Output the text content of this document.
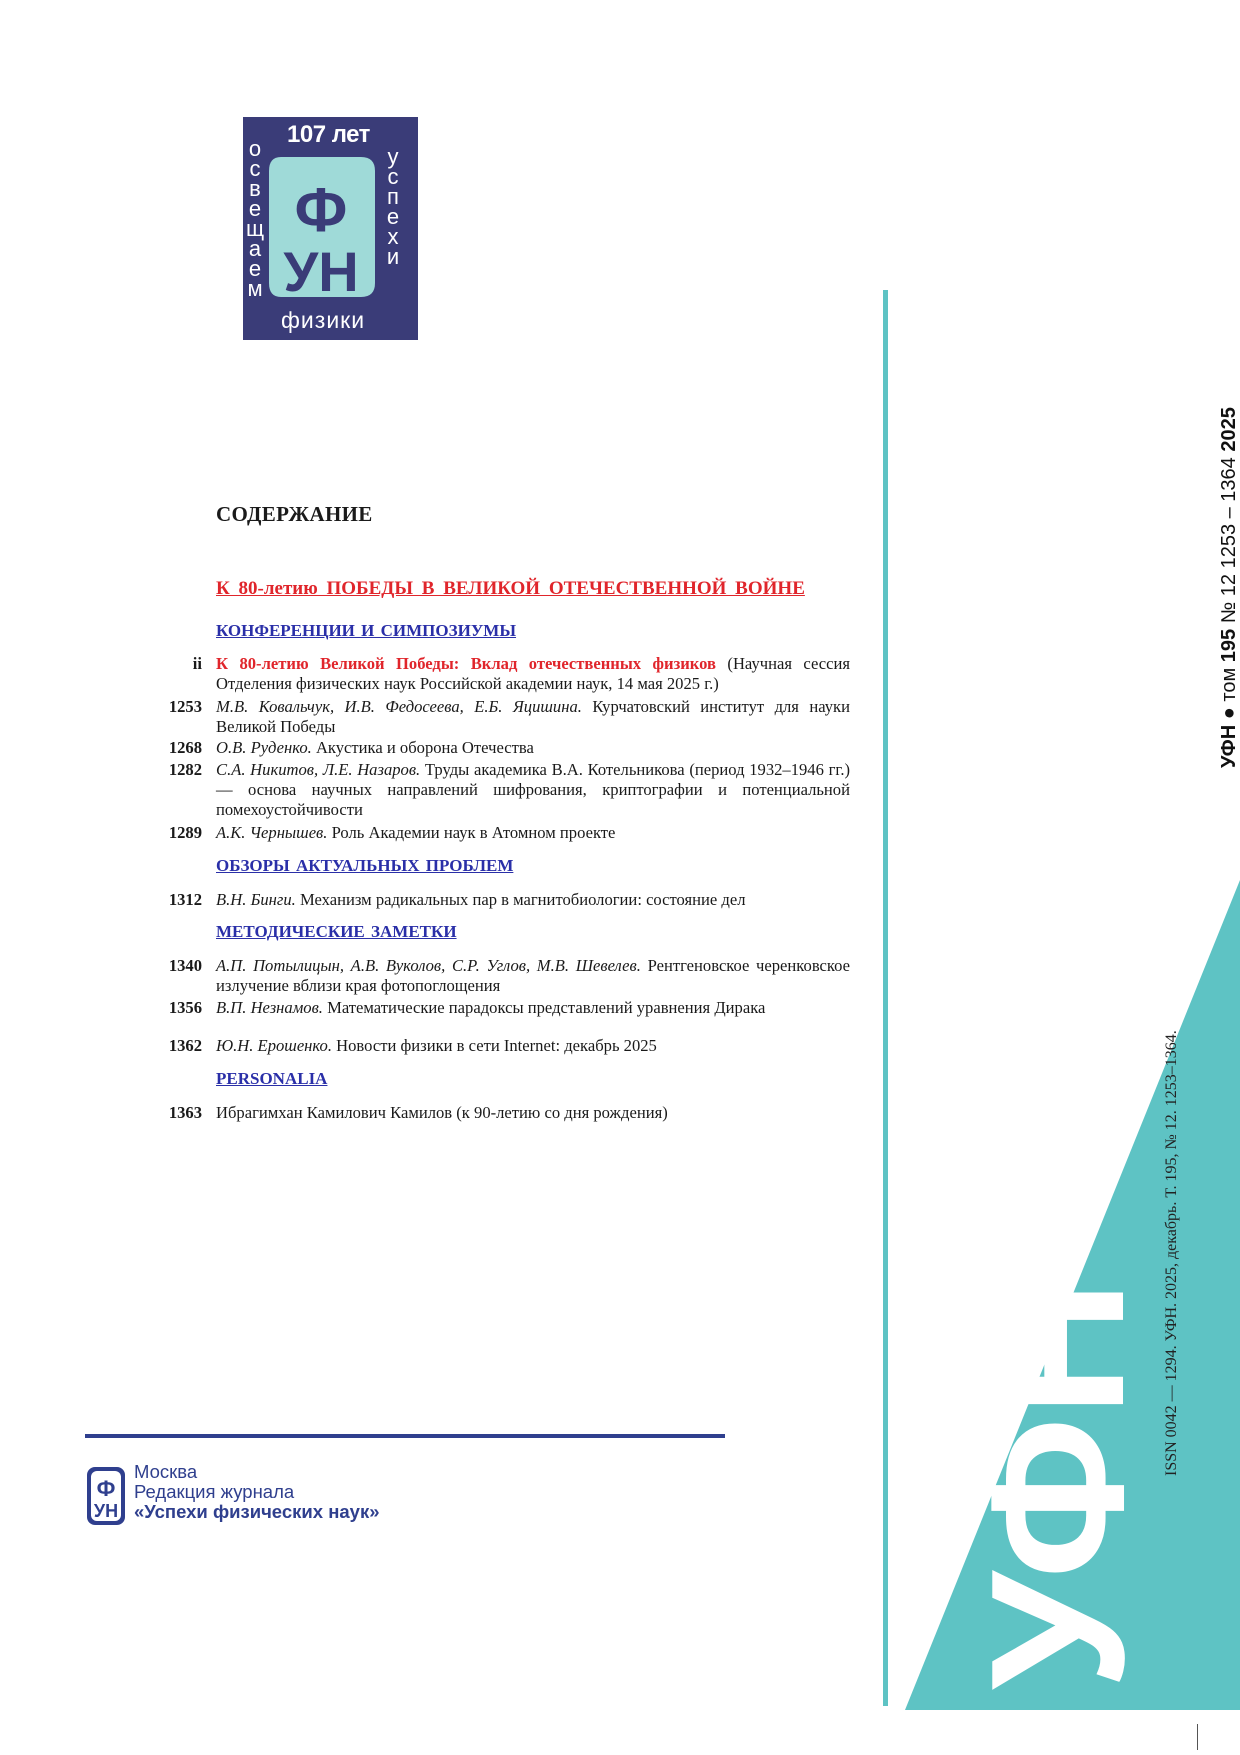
107 лет
о
с
в
е
щ
а
е
м
у
с
п
е
х
и
Ф
УН
физики
УФН
УФН ● том 195 № 12 1253 – 1364 2025
ISSN 0042 — 1294. УФН. 2025, декабрь. Т. 195, № 12. 1253–1364.
СОДЕРЖАНИЕ
К 80-летию ПОБЕДЫ В ВЕЛИКОЙ ОТЕЧЕСТВЕННОЙ ВОЙНЕ
КОНФЕРЕНЦИИ И СИМПОЗИУМЫ
ii К 80-летию Великой Победы: Вклад отечественных физиков (Научная сессия Отделения физических наук Российской академии наук, 14 мая 2025 г.)
1253 М.В. Ковальчук, И.В. Федосеева, Е.Б. Яцишина. Курчатовский институт для науки Великой Победы
1268 О.В. Руденко. Акустика и оборона Отечества
1282 С.А. Никитов, Л.Е. Назаров. Труды академика В.А. Котельникова (период 1932–1946 гг.) — основа научных направлений шифрования, криптографии и потенциальной помехоустойчивости
1289 А.К. Чернышев. Роль Академии наук в Атомном проекте
ОБЗОРЫ АКТУАЛЬНЫХ ПРОБЛЕМ
1312 В.Н. Бинги. Механизм радикальных пар в магнитобиологии: состояние дел
МЕТОДИЧЕСКИЕ ЗАМЕТКИ
1340 А.П. Потылицын, А.В. Вуколов, С.Р. Углов, М.В. Шевелев. Рентгеновское черенковское излучение вблизи края фотопоглощения
1356 В.П. Незнамов. Математические парадоксы представлений уравнения Дирака
1362 Ю.Н. Ерошенко. Новости физики в сети Internet: декабрь 2025
PERSONALIA
1363 Ибрагимхан Камилович Камилов (к 90-летию со дня рождения)
Ф
УН
Москва
Редакция журнала
«Успехи физических наук»
